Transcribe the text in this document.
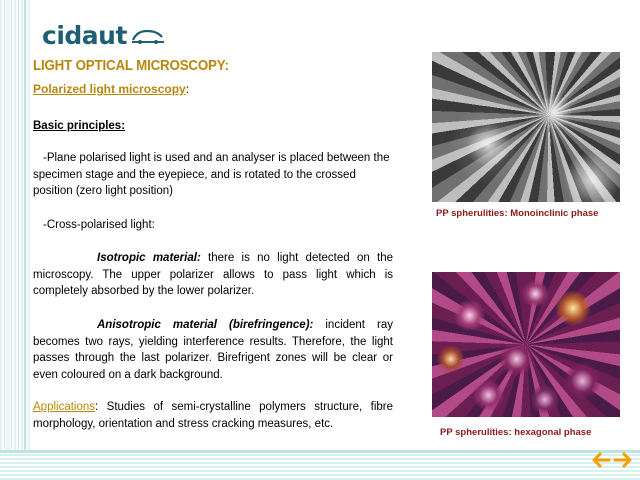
cidaut
LIGHT OPTICAL MICROSCOPY:
Polarized light microscopy:
Basic principles:
-Plane polarised light is used and an analyser is placed between the specimen stage and the eyepiece, and is rotated to the crossed position (zero light position)
-Cross-polarised light:
Isotropic material: there is no light detected on the microscopy. The upper polarizer allows to pass light which is completely absorbed by the lower polarizer.
Anisotropic material (birefringence): incident ray becomes two rays, yielding interference results. Therefore, the light passes through the last polarizer. Birefrigent zones will be clear or even coloured on a dark background.
Applications: Studies of semi-crystalline polymers structure, fibre morphology, orientation and stress cracking measures, etc.
PP spherulities: Monoinclinic phase
PP spherulities: hexagonal phase
